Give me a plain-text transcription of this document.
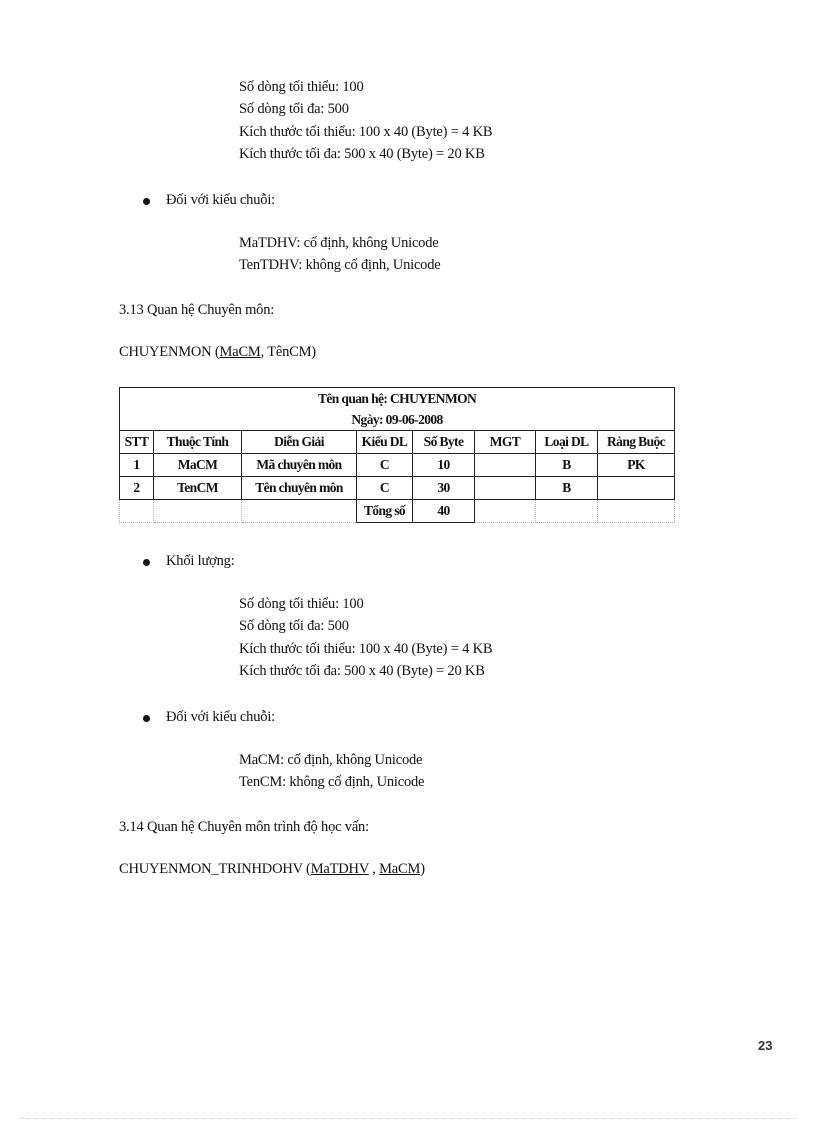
Số dòng tối thiểu: 100
Số dòng tối đa: 500
Kích thước tối thiểu: 100 x 40 (Byte) = 4 KB
Kích thước tối đa: 500 x 40 (Byte) = 20 KB
Đối với kiểu chuỗi:
MaTDHV: cố định, không Unicode
TenTDHV: không cố định, Unicode
3.13 Quan hệ Chuyên môn:
CHUYENMON (MaCM, TênCM)
Tên quan hệ: CHUYENMON							
Ngày: 09-06-2008							
STT	Thuộc Tính	Diễn Giải	Kiểu DL	Số Byte	MGT	Loại DL	Ràng Buộc
1	MaCM	Mã chuyên môn	C	10		B	PK
2	TenCM	Tên chuyên môn	C	30		B	
			Tổng số	40			
Khối lượng:
Số dòng tối thiểu: 100
Số dòng tối đa: 500
Kích thước tối thiểu: 100 x 40 (Byte) = 4 KB
Kích thước tối đa: 500 x 40 (Byte) = 20 KB
Đối với kiểu chuỗi:
MaCM: cố định, không Unicode
TenCM: không cố định, Unicode
3.14 Quan hệ Chuyên môn trình độ học vấn:
CHUYENMON_TRINHDOHV (MaTDHV , MaCM)
23
